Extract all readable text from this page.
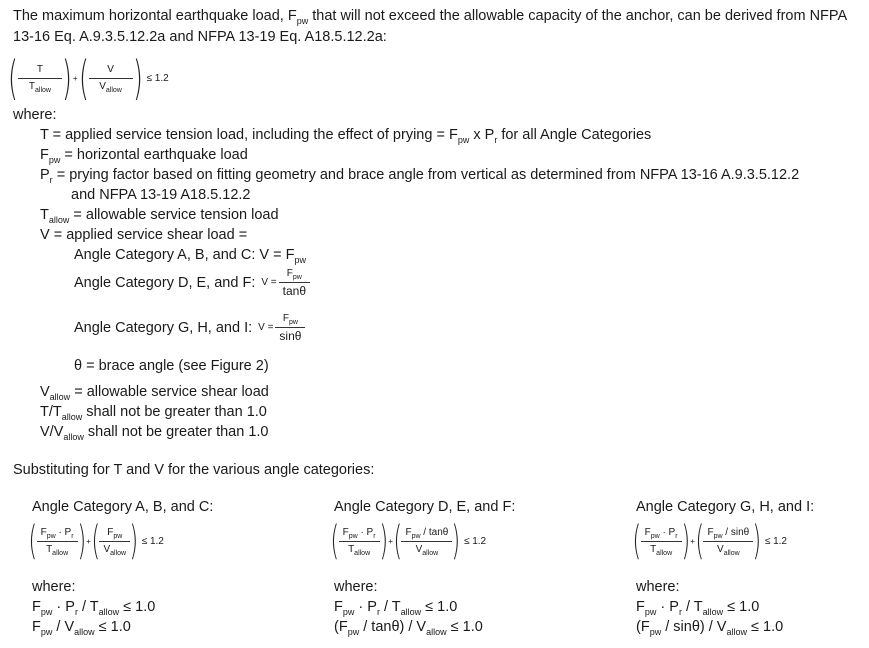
The maximum horizontal earthquake load, $F_{pw}$ that will not exceed the allowable capacity of the anchor, can be derived from NFPA 13-16 Eq. A.9.3.5.12.2a and NFPA 13-19 Eq. A18.5.12.2a:
( $\frac{T}{T_{allow}}$ ) + ( $\frac{V}{V_{allow}}$ ) ≤ 1.2
where:
T = applied service tension load, including the effect of prying = $F_{pw}$ x $P_r$ for all Angle Categories
$F_{pw}$ = horizontal earthquake load
$P_r$ = prying factor based on fitting geometry and brace angle from vertical as determined from NFPA 13-16 A.9.3.5.12.2
and NFPA 13-19 A18.5.12.2
$T_{allow}$ = allowable service tension load
V = applied service shear load =
Angle Category A, B, and C: $V = F_{pw}$
Angle Category D, E, and F: $V = \frac{F_{pw}}{\tan\theta}$
Angle Category G, H, and I: $V = \frac{F_{pw}}{\sin\theta}$
θ = brace angle (see Figure 2)
$V_{allow}$ = allowable service shear load
$T/T_{allow}$ shall not be greater than 1.0
$V/V_{allow}$ shall not be greater than 1.0
Substituting for T and V for the various angle categories:
Angle Category A, B, and C:
( $\frac{F_{pw} \cdot P_r}{T_{allow}}$ ) + ( $\frac{F_{pw}}{V_{allow}}$ ) ≤ 1.2
where:
$F_{pw} \cdot P_r / T_{allow} \le 1.0$
$F_{pw} / V_{allow} \le 1.0$
Angle Category D, E, and F:
( $\frac{F_{pw} \cdot P_r}{T_{allow}}$ ) + ( $\frac{F_{pw} / \tan\theta}{V_{allow}}$ ) ≤ 1.2
where:
$F_{pw} \cdot P_r / T_{allow} \le 1.0$
$(F_{pw} / \tan\theta) / V_{allow} \le 1.0$
Angle Category G, H, and I:
( $\frac{F_{pw} \cdot P_r}{T_{allow}}$ ) + ( $\frac{F_{pw} / \sin\theta}{V_{allow}}$ ) ≤ 1.2
where:
$F_{pw} \cdot P_r / T_{allow} \le 1.0$
$(F_{pw} / \sin\theta) / V_{allow} \le 1.0$
